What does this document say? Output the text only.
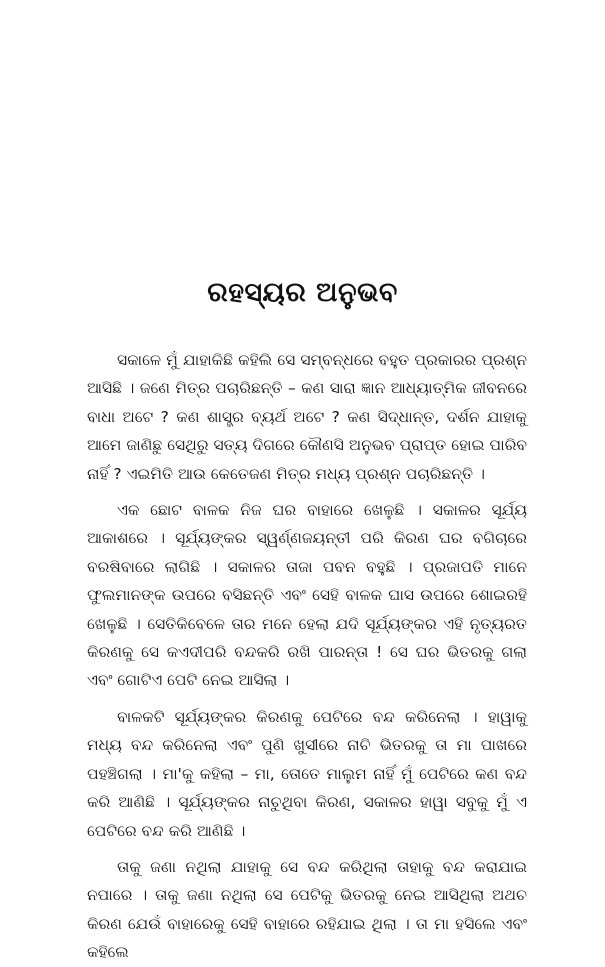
ରହସ୍ୟର ଅନୁଭବ

ସକାଳେ ମୁଁ ଯାହାକିଛି କହିଲି ସେ ସମ୍ବନ୍ଧରେ ବହୁତ ପ୍ରକାରର ପ୍ରଶ୍ନ ଆସିଛି । ଜଣେ ମିତ୍ର ପଚାରିଛନ୍ତି – କଣ ସାରା ଜ୍ଞାନ ଆଧ୍ୟାତ୍ମିକ ଜୀବନରେ ବାଧା ଅଟେ ? କଣ ଶାସ୍ତ୍ର ବ୍ୟର୍ଥ ଅଟେ ? କଣ ସିଦ୍ଧାନ୍ତ, ଦର୍ଶନ ଯାହାକୁ ଆମେ ଜାଣିଛୁ ସେଥିରୁ ସତ୍ୟ ଦିଗରେ କୌଣସି ଅନୁଭବ ପ୍ରାପ୍ତ ହୋଇ ପାରିବ ନାହିଁ ? ଏଇମିତି ଆଉ କେତେଜଣ ମିତ୍ର ମଧ୍ୟ ପ୍ରଶ୍ନ ପଚାରିଛନ୍ତି ।

ଏକ ଛୋଟ ବାଳକ ନିଜ ଘର ବାହାରେ ଖେଳୁଛି । ସକାଳର ସୂର୍ଯ୍ୟ ଆକାଶରେ । ସୂର୍ଯ୍ୟଙ୍କର ସ୍ୱର୍ଣ୍ଣଜୟନ୍ତୀ ପରି କିରଣ ଘର ବଗିଚାରେ ବରଷିବାରେ ଲାଗିଛି । ସକାଳର ତାଜା ପବନ ବହୁଛି । ପ୍ରଜାପତି ମାନେ ଫୁଲମାନଙ୍କ ଉପରେ ବସିଛନ୍ତି ଏବଂ ସେହି ବାଳକ ଘାସ ଉପରେ ଶୋଇରହି ଖେଳୁଛି । ସେତିକିବେଳେ ତାର ମନେ ହେଲା ଯଦି ସୂର୍ଯ୍ୟଙ୍କର ଏହି ନୃତ୍ୟରତ କିରଣକୁ ସେ କଏଦୀପରି ବନ୍ଦକରି ରଖି ପାରନ୍ତା ! ସେ ଘର ଭିତରକୁ ଗଲା ଏବଂ ଗୋଟିଏ ପେଟି ନେଇ ଆସିଲା ।

ବାଳକଟି ସୂର୍ଯ୍ୟଙ୍କର କିରଣକୁ ପେଟିରେ ବନ୍ଦ କରିନେଲା । ହାୱାକୁ ମଧ୍ୟ ବନ୍ଦ କରିନେଲା ଏବଂ ପୁଣି ଖୁସୀରେ ନାଚି ଭିତରକୁ ତା ମା ପାଖରେ ପହଞ୍ଚିଗଲା । ମା'କୁ କହିଲା – ମା, ତୋତେ ମାଲୁମ ନାହିଁ ମୁଁ ପେଟିରେ କଣ ବନ୍ଦ କରି ଆଣିଛି । ସୂର୍ଯ୍ୟଙ୍କର ନାଚୁଥିବା କିରଣ, ସକାଳର ହାୱା ସବୁକୁ ମୁଁ ଏ ପେଟିରେ ବନ୍ଦ କରି ଆଣିଛି ।

ତାକୁ ଜଣା ନଥିଲା ଯାହାକୁ ସେ ବନ୍ଦ କରିଥିଲା ତାହାକୁ ବନ୍ଦ କରାଯାଇ ନପାରେ । ତାକୁ ଜଣା ନଥିଲା ସେ ପେଟିକୁ ଭିତରକୁ ନେଇ ଆସିଥିଲା ଅଥଚ କିରଣ ଯେଉଁ ବାହାରେକୁ ସେହି ବାହାରେ ରହିଯାଇ ଥିଲା । ତା ମା ହସିଲେ ଏବଂ କହିଲେ
